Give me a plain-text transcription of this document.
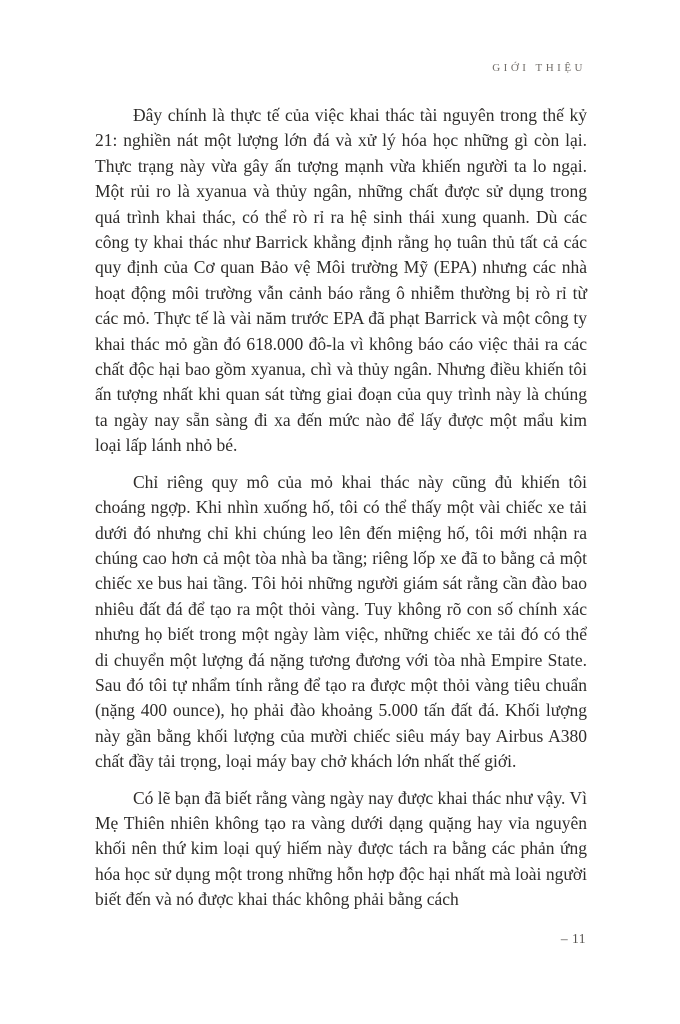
GIỚI THIỆU

Đây chính là thực tế của việc khai thác tài nguyên trong thế kỷ 21: nghiền nát một lượng lớn đá và xử lý hóa học những gì còn lại. Thực trạng này vừa gây ấn tượng mạnh vừa khiến người ta lo ngại. Một rủi ro là xyanua và thủy ngân, những chất được sử dụng trong quá trình khai thác, có thể rò rỉ ra hệ sinh thái xung quanh. Dù các công ty khai thác như Barrick khẳng định rằng họ tuân thủ tất cả các quy định của Cơ quan Bảo vệ Môi trường Mỹ (EPA) nhưng các nhà hoạt động môi trường vẫn cảnh báo rằng ô nhiễm thường bị rò rỉ từ các mỏ. Thực tế là vài năm trước EPA đã phạt Barrick và một công ty khai thác mỏ gần đó 618.000 đô-la vì không báo cáo việc thải ra các chất độc hại bao gồm xyanua, chì và thủy ngân. Nhưng điều khiến tôi ấn tượng nhất khi quan sát từng giai đoạn của quy trình này là chúng ta ngày nay sẵn sàng đi xa đến mức nào để lấy được một mẩu kim loại lấp lánh nhỏ bé.

Chỉ riêng quy mô của mỏ khai thác này cũng đủ khiến tôi choáng ngợp. Khi nhìn xuống hố, tôi có thể thấy một vài chiếc xe tải dưới đó nhưng chỉ khi chúng leo lên đến miệng hố, tôi mới nhận ra chúng cao hơn cả một tòa nhà ba tầng; riêng lốp xe đã to bằng cả một chiếc xe bus hai tầng. Tôi hỏi những người giám sát rằng cần đào bao nhiêu đất đá để tạo ra một thỏi vàng. Tuy không rõ con số chính xác nhưng họ biết trong một ngày làm việc, những chiếc xe tải đó có thể di chuyển một lượng đá nặng tương đương với tòa nhà Empire State. Sau đó tôi tự nhẩm tính rằng để tạo ra được một thỏi vàng tiêu chuẩn (nặng 400 ounce), họ phải đào khoảng 5.000 tấn đất đá. Khối lượng này gần bằng khối lượng của mười chiếc siêu máy bay Airbus A380 chất đầy tải trọng, loại máy bay chở khách lớn nhất thế giới.

Có lẽ bạn đã biết rằng vàng ngày nay được khai thác như vậy. Vì Mẹ Thiên nhiên không tạo ra vàng dưới dạng quặng hay vỉa nguyên khối nên thứ kim loại quý hiếm này được tách ra bằng các phản ứng hóa học sử dụng một trong những hỗn hợp độc hại nhất mà loài người biết đến và nó được khai thác không phải bằng cách

– 11
